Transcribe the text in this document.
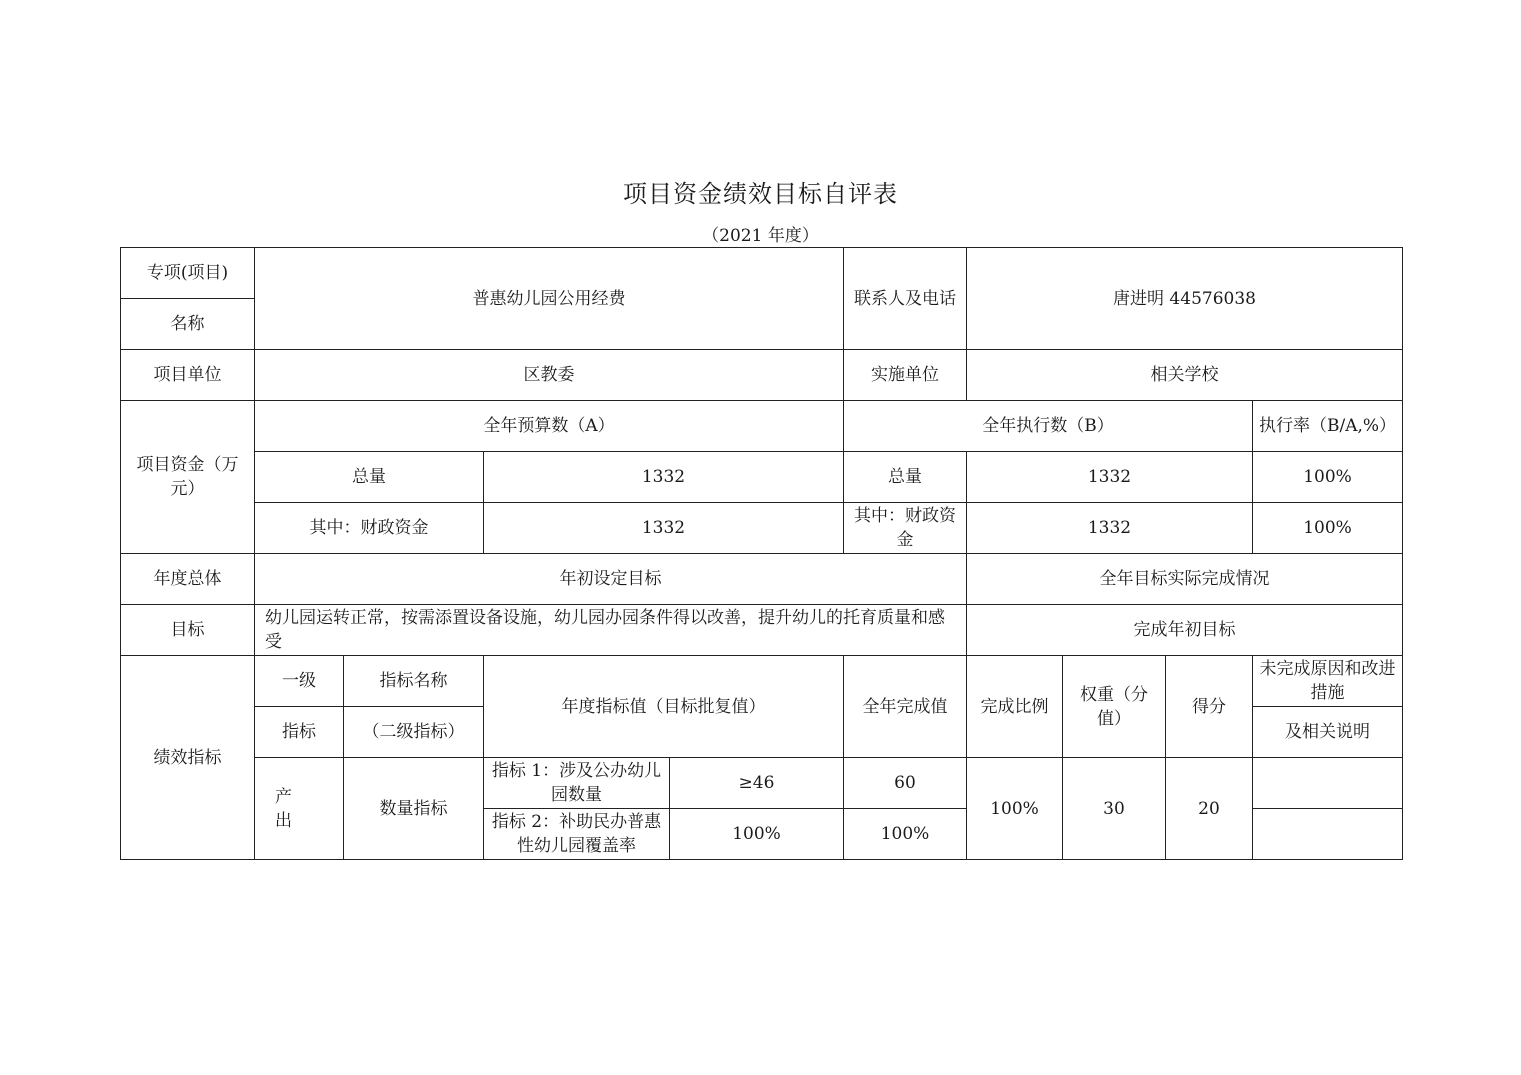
项目资金绩效目标自评表
（2021 年度）
专项(项目)	普惠幼儿园公用经费				联系人及电话	唐进明 44576038			
名称									
项目单位	区教委				实施单位	相关学校			
项目资金（万元）	全年预算数（A）				全年执行数（B）				执行率（B/A,%）
	总量		1332		总量	1332			100%
	其中：财政资金		1332		其中：财政资金	1332			100%
年度总体	年初设定目标					全年目标实际完成情况			
目标	幼儿园运转正常，按需添置设备设施，幼儿园办园条件得以改善，提升幼儿的托育质量和感受					完成年初目标			
绩效指标	一级	指标名称	年度指标值（目标批复值）		全年完成值	完成比例	权重（分值）	得分	未完成原因和改进措施
	指标	（二级指标）							及相关说明
	产　　出	数量指标	指标 1：涉及公办幼儿园数量	≥46	60	100%	30	20	
			指标 2：补助民办普惠性幼儿园覆盖率	100%	100%				
